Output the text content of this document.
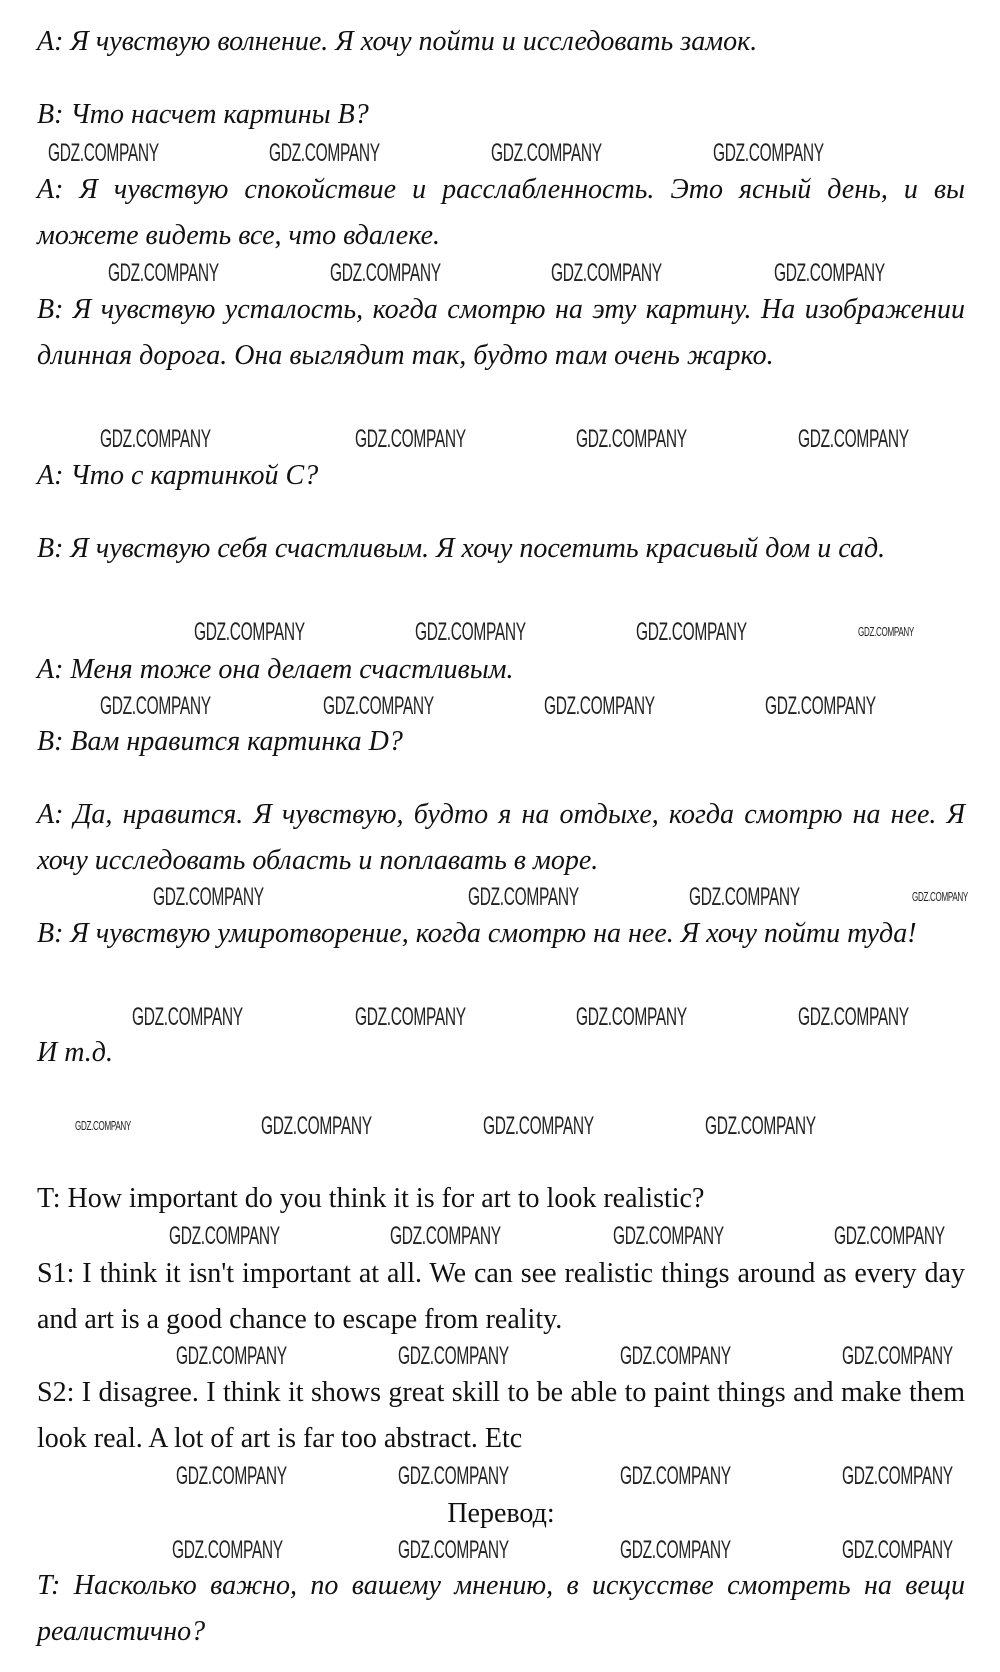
A: Я чувствую волнение. Я хочу пойти и исследовать замок.

B: Что насчет картины B?

A: Я чувствую спокойствие и расслабленность. Это ясный день, и вы можете видеть все, что вдалеке.

B: Я чувствую усталость, когда смотрю на эту картину. На изображении длинная дорога. Она выглядит так, будто там очень жарко.

A: Что с картинкой C?

B: Я чувствую себя счастливым. Я хочу посетить красивый дом и сад.

A: Меня тоже она делает счастливым.

B: Вам нравится картинка D?

A: Да, нравится. Я чувствую, будто я на отдыхе, когда смотрю на нее. Я хочу исследовать область и поплавать в море.

B: Я чувствую умиротворение, когда смотрю на нее. Я хочу пойти туда!

И т.д.

T: How important do you think it is for art to look realistic?

S1: I think it isn't important at all. We can see realistic things around as every day and art is a good chance to escape from reality.

S2: I disagree. I think it shows great skill to be able to paint things and make them look real. A lot of art is far too abstract. Etc

Перевод:

T: Насколько важно, по вашему мнению, в искусстве смотреть на вещи реалистично?

GDZ.COMPANY	GDZ.COMPANY	GDZ.COMPANY	GDZ.COMPANY
GDZ.COMPANY	GDZ.COMPANY	GDZ.COMPANY	GDZ.COMPANY
GDZ.COMPANY	GDZ.COMPANY	GDZ.COMPANY	GDZ.COMPANY
GDZ.COMPANY	GDZ.COMPANY	GDZ.COMPANY
GDZ.COMPANY	GDZ.COMPANY	GDZ.COMPANY	GDZ.COMPANY
GDZ.COMPANY	GDZ.COMPANY	GDZ.COMPANY
GDZ.COMPANY	GDZ.COMPANY	GDZ.COMPANY	GDZ.COMPANY
GDZ.COMPANY	GDZ.COMPANY	GDZ.COMPANY
GDZ.COMPANY	GDZ.COMPANY	GDZ.COMPANY	GDZ.COMPANY
GDZ.COMPANY	GDZ.COMPANY	GDZ.COMPANY	GDZ.COMPANY
GDZ.COMPANY	GDZ.COMPANY	GDZ.COMPANY	GDZ.COMPANY
GDZ.COMPANY	GDZ.COMPANY	GDZ.COMPANY	GDZ.COMPANY
GDZ.COMPANY
GDZ.COMPANY
GDZ.COMPANY
